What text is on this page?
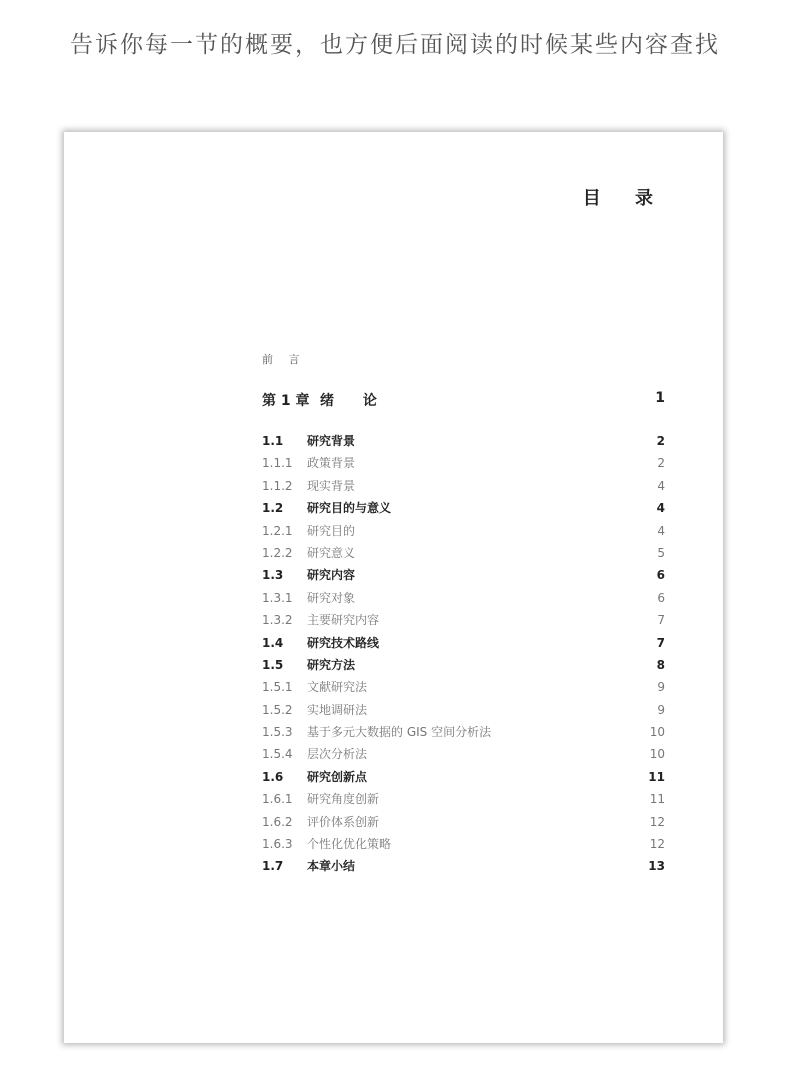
告诉你每一节的概要，也方便后面阅读的时候某些内容查找
目 录
前 言
第 1 章 绪 论	1
1.1 研究背景	2
1.1.1 政策背景	2
1.1.2 现实背景	4
1.2 研究目的与意义	4
1.2.1 研究目的	4
1.2.2 研究意义	5
1.3 研究内容	6
1.3.1 研究对象	6
1.3.2 主要研究内容	7
1.4 研究技术路线	7
1.5 研究方法	8
1.5.1 文献研究法	9
1.5.2 实地调研法	9
1.5.3 基于多元大数据的 GIS 空间分析法	10
1.5.4 层次分析法	10
1.6 研究创新点	11
1.6.1 研究角度创新	11
1.6.2 评价体系创新	12
1.6.3 个性化优化策略	12
1.7 本章小结	13
